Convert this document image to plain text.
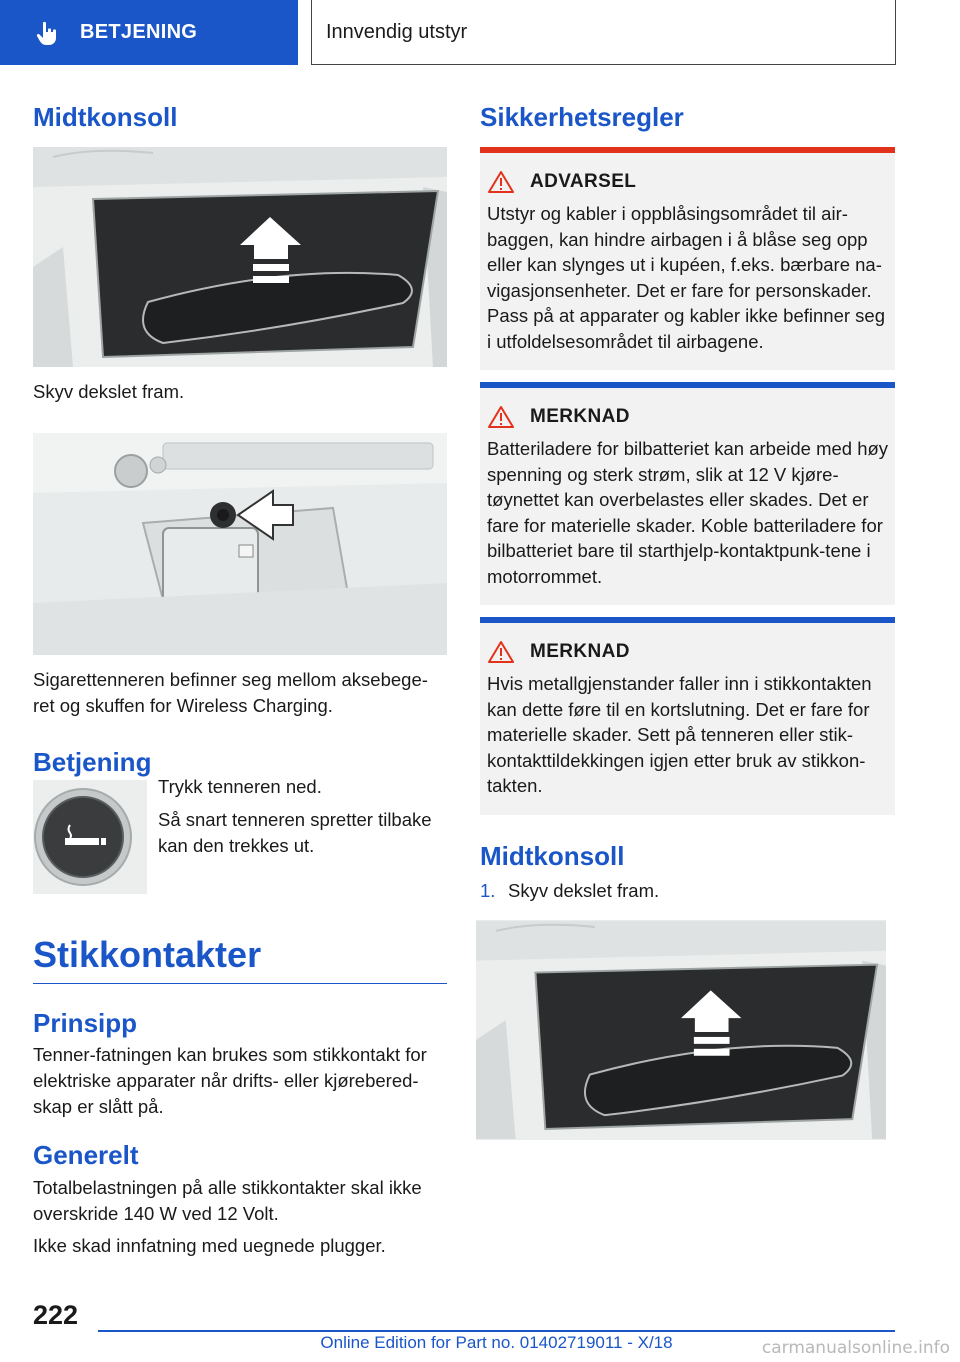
BETJENING	Innvendig utstyr
Midtkonsoll

Skyv dekslet fram.

Sigarettenneren befinner seg mellom aksebege-ret og skuffen for Wireless Charging.

Betjening

Trykk tenneren ned.

Så snart tenneren spretter tilbake kan den trekkes ut.

Stikkontakter
Prinsipp

Tenner-fatningen kan brukes som stikkontakt for elektriske apparater når drifts- eller kjørebered-skap er slått på.

Generelt

Totalbelastningen på alle stikkontakter skal ikke overskride 140 W ved 12 Volt.

Ikke skad innfatning med uegnede plugger.

Sikkerhetsregler
ADVARSEL

Utstyr og kabler i oppblåsingsområdet til air-baggen, kan hindre airbagen i å blåse seg opp eller kan slynges ut i kupéen, f.eks. bærbare na-vigasjonsenheter. Det er fare for personskader. Pass på at apparater og kabler ikke befinner seg i utfoldelsesområdet til airbagene.

MERKNAD

Batteriladere for bilbatteriet kan arbeide med høy spenning og sterk strøm, slik at 12 V kjøre-tøynettet kan overbelastes eller skades. Det er fare for materielle skader. Koble batteriladere for bilbatteriet bare til starthjelp-kontaktpunk-tene i motorrommet.

MERKNAD

Hvis metallgjenstander faller inn i stikkontakten kan dette føre til en kortslutning. Det er fare for materielle skader. Sett på tenneren eller stik-kontakttildekkingen igjen etter bruk av stikkon-takten.

Midtkonsoll
1. Skyv dekslet fram.
222
Online Edition for Part no. 01402719011 - X/18	carmanualsonline.info
